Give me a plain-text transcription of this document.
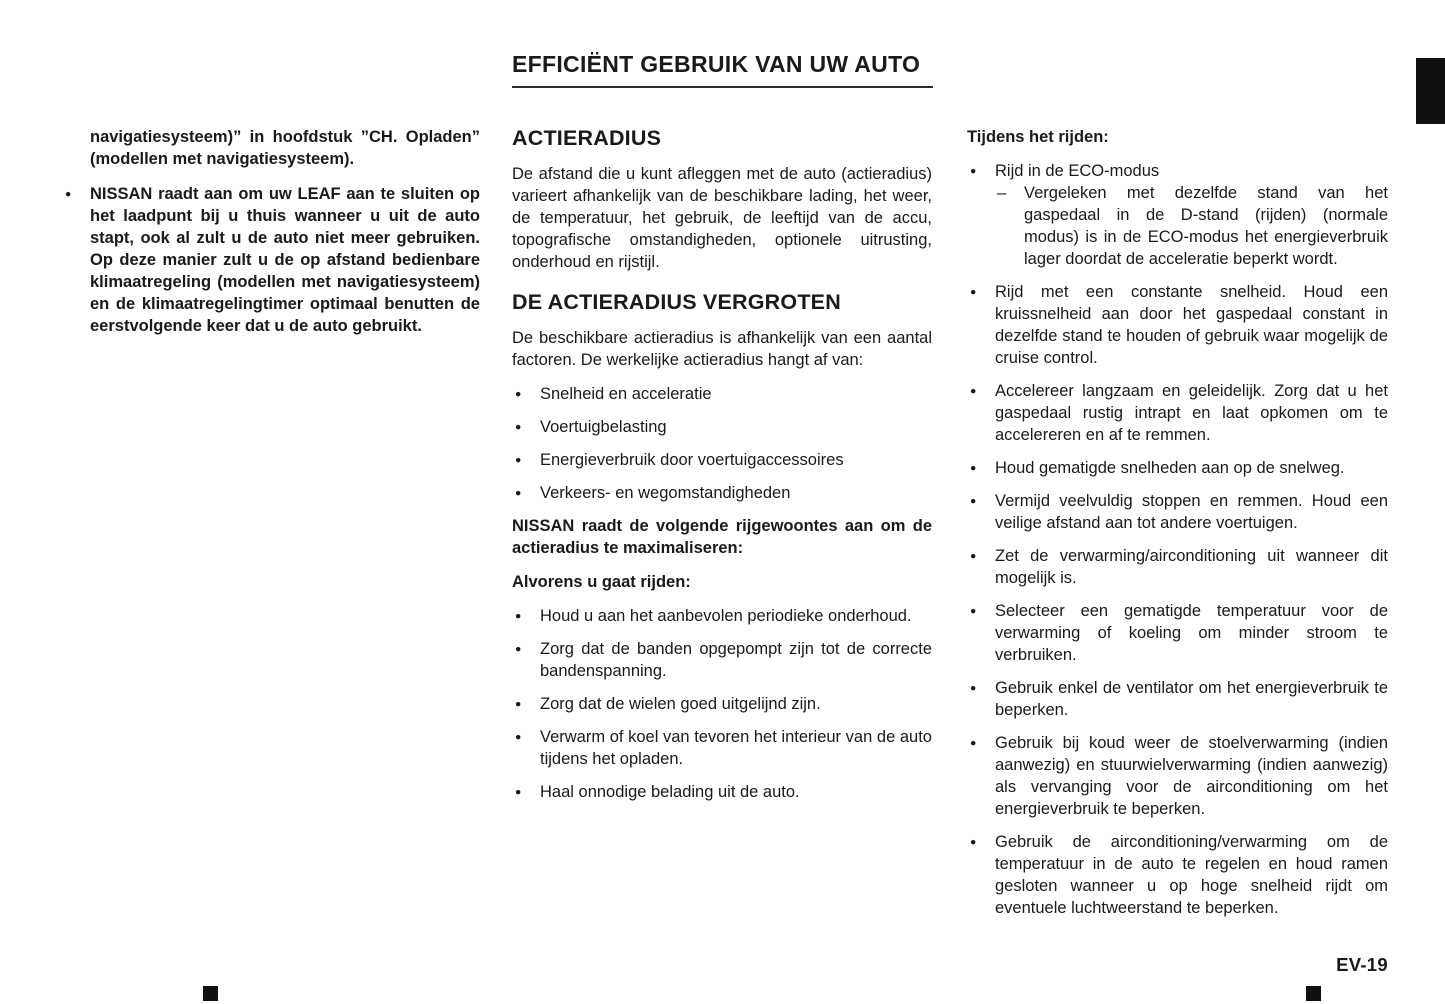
EFFICIËNT GEBRUIK VAN UW AUTO

navigatiesysteem)” in hoofdstuk ”CH. Opladen” (modellen met navigatiesysteem).

●	NISSAN raadt aan om uw LEAF aan te sluiten op het laadpunt bij u thuis wanneer u uit de auto stapt, ook al zult u de auto niet meer gebruiken. Op deze manier zult u de op afstand bedienbare klimaatregeling (modellen met navigatiesysteem) en de klimaatregelingtimer optimaal benutten de eerstvolgende keer dat u de auto gebruikt.
ACTIERADIUS

De afstand die u kunt afleggen met de auto (actieradius) varieert afhankelijk van de beschikbare lading, het weer, de temperatuur, het gebruik, de leeftijd van de accu, topografische omstandigheden, optionele uitrusting, onderhoud en rijstijl.

DE ACTIERADIUS VERGROTEN

De beschikbare actieradius is afhankelijk van een aantal factoren. De werkelijke actieradius hangt af van:

●	Snelheid en acceleratie
●	Voertuigbelasting
●	Energieverbruik door voertuigaccessoires
●	Verkeers- en wegomstandigheden

NISSAN raadt de volgende rijgewoontes aan om de actieradius te maximaliseren:

Alvorens u gaat rijden:

●	Houd u aan het aanbevolen periodieke onderhoud.
●	Zorg dat de banden opgepompt zijn tot de correcte bandenspanning.
●	Zorg dat de wielen goed uitgelijnd zijn.
●	Verwarm of koel van tevoren het interieur van de auto tijdens het opladen.
●	Haal onnodige belading uit de auto.

Tijdens het rijden:

●	Rijd in de ECO-modus
–	Vergeleken met dezelfde stand van het gaspedaal in de D-stand (rijden) (normale modus) is in de ECO-modus het energieverbruik lager doordat de acceleratie beperkt wordt.
●	Rijd met een constante snelheid. Houd een kruissnelheid aan door het gaspedaal constant in dezelfde stand te houden of gebruik waar mogelijk de cruise control.
●	Accelereer langzaam en geleidelijk. Zorg dat u het gaspedaal rustig intrapt en laat opkomen om te accelereren en af te remmen.
●	Houd gematigde snelheden aan op de snelweg.
●	Vermijd veelvuldig stoppen en remmen. Houd een veilige afstand aan tot andere voertuigen.
●	Zet de verwarming/airconditioning uit wanneer dit mogelijk is.
●	Selecteer een gematigde temperatuur voor de verwarming of koeling om minder stroom te verbruiken.
●	Gebruik enkel de ventilator om het energieverbruik te beperken.
●	Gebruik bij koud weer de stoelverwarming (indien aanwezig) en stuurwielverwarming (indien aanwezig) als vervanging voor de airconditioning om het energieverbruik te beperken.
●	Gebruik de airconditioning/verwarming om de temperatuur in de auto te regelen en houd ramen gesloten wanneer u op hoge snelheid rijdt om eventuele luchtweerstand te beperken.
EV-19
